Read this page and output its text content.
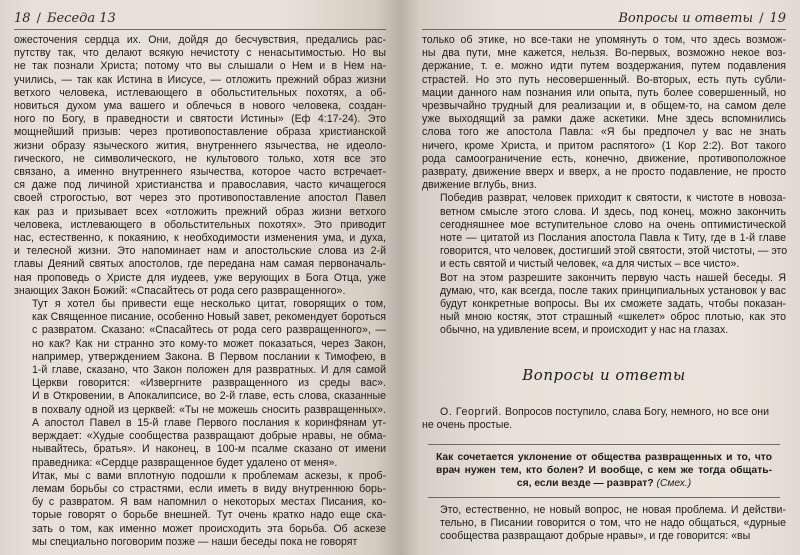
18 / Беседа 13

ожесточения сердца их. Они, дойдя до бесчувствия, предались рас-
путству так, что делают всякую нечистоту с ненасытимостью. Но вы
не так познали Христа; потому что вы слышали о Нем и в Нем на-
учились, — так как Истина в Иисусе, — отложить прежний образ жизни
ветхого человека, истлевающего в обольстительных похотях, а об-
новиться духом ума вашего и облечься в нового человека, создан-
ного по Богу, в праведности и святости Истины» (Еф 4:17-24). Это
мощнейший призыв: через противопоставление образа христианской
жизни образу языческого жития, внутреннего язычества, не идеоло-
гического, не символического, не культового только, хотя все это
связано, а именно внутреннего язычества, которое часто встречает-
ся даже под личиной христианства и православия, часто кичащегося
своей строгостью, вот через это противопоставление апостол Павел
как раз и призывает всех «отложить прежний образ жизни ветхого
человека, истлевающего в обольстительных похотях». Это приводит
нас, естественно, к покаянию, к необходимости изменения ума, и духа,
и телесной жизни. Это напоминает нам и апостольские слова из 2-й
главы Деяний святых апостолов, где передана нам самая первоначаль-
ная проповедь о Христе для иудеев, уже верующих в Бога Отца, уже
знающих Закон Божий: «Спасайтесь от рода сего развращенного».

Тут я хотел бы привести еще несколько цитат, говорящих о том,
как Священное писание, особенно Новый завет, рекомендует бороться
с развратом. Сказано: «Спасайтесь от рода сего развращенного», —
но как? Как ни странно это кому-то может показаться, через Закон,
например, утверждением Закона. В Первом послании к Тимофею, в
1-й главе, сказано, что Закон положен для развратных. И для самой
Церкви говорится: «Извергните развращенного из среды вас».
И в Откровении, в Апокалипсисе, во 2-й главе, есть слова, сказанные
в похвалу одной из церквей: «Ты не можешь сносить развращенных».
А апостол Павел в 15-й главе Первого послания к коринфянам ут-
верждает: «Худые сообщества развращают добрые нравы, не обма-
нывайтесь, братья». И наконец, в 100-м псалме сказано от имени
праведника: «Сердце развращенное будет удалено от меня».

Итак, мы с вами вплотную подошли к проблемам аскезы, к проб-
лемам борьбы со страстями, если иметь в виду внутреннюю борь-
бу с развратом. Я вам напомнил о некоторых местах Писания, ко-
торые говорят о борьбе внешней. Тут очень кратко надо еще ска-
зать о том, как именно может происходить эта борьба. Об аскезе
мы специально поговорим позже — наши беседы пока не говорят

Вопросы и ответы / 19

только об этике, но все-таки не упомянуть о том, что здесь возмож-
ны два пути, мне кажется, нельзя. Во-первых, возможно некое воз-
держание, т. е. можно идти путем воздержания, путем подавления
страстей. Но это путь несовершенный. Во-вторых, есть путь субли-
мации данного нам познания или опыта, путь более совершенный, но
чрезвычайно трудный для реализации и, в общем-то, на самом деле
уже выходящий за рамки даже аскетики. Мне здесь вспомнились
слова того же апостола Павла: «Я бы предпочел у вас не знать
ничего, кроме Христа, и притом распятого» (1 Кор 2:2). Вот такого
рода самоограничение есть, конечно, движение, противоположное
разврату, движение вверх и вверх, а не просто подавление, не просто
движение вглубь, вниз.

Победив разврат, человек приходит к святости, к чистоте в новоза-
ветном смысле этого слова. И здесь, под конец, можно закончить
сегодняшнее мое вступительное слово на очень оптимистической
ноте — цитатой из Послания апостола Павла к Титу, где в 1-й главе
говорится, что человек, достигший этой святости, этой чистоты, — это
и есть святой и чистый человек, «а для чистых – все чисто».

Вот на этом разрешите закончить первую часть нашей беседы. Я
думаю, что, как всегда, после таких принципиальных установок у вас
будут конкретные вопросы. Вы их сможете задать, чтобы показан-
ный мною костяк, этот страшный «шкелет» оброс плотью, как это
обычно, на удивление всем, и происходит у нас на глазах.

Вопросы и ответы

О. Георгий. Вопросов поступило, слава Богу, немного, но все они
не очень простые.

Как сочетается уклонение от общества развращенных и то, что
врач нужен тем, кто болен? И вообще, с кем же тогда общать-
ся, если везде — разврат? (Смех.)

Это, естественно, не новый вопрос, не новая проблема. И действи-
тельно, в Писании говорится о том, что не надо общаться, «дурные
сообщества развращают добрые нравы», и где говорится: «вы
